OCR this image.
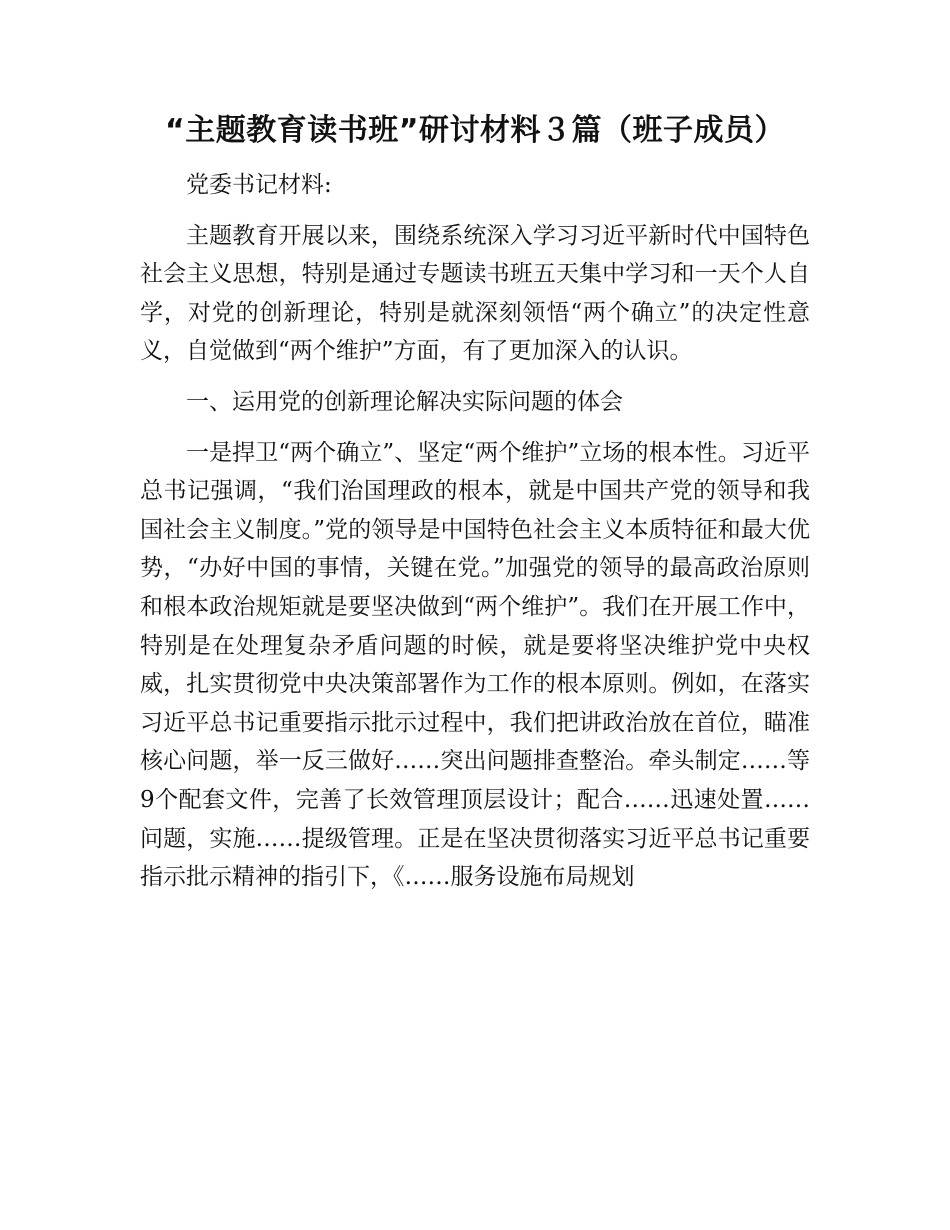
“主题教育读书班”研讨材料３篇（班子成员）

党委书记材料:

主题教育开展以来，围绕系统深入学习习近平新时代中国特色社会主义思想，特别是通过专题读书班五天集中学习和一天个人自学，对党的创新理论，特别是就深刻领悟“两个确立”的决定性意义，自觉做到“两个维护”方面，有了更加深入的认识。

一、运用党的创新理论解决实际问题的体会

一是捍卫“两个确立”、坚定“两个维护”立场的根本性。习近平总书记强调，“我们治国理政的根本，就是中国共产党的领导和我国社会主义制度。”党的领导是中国特色社会主义本质特征和最大优势，“办好中国的事情，关键在党。”加强党的领导的最高政治原则和根本政治规矩就是要坚决做到“两个维护”。我们在开展工作中，特别是在处理复杂矛盾问题的时候，就是要将坚决维护党中央权威，扎实贯彻党中央决策部署作为工作的根本原则。例如，在落实习近平总书记重要指示批示过程中，我们把讲政治放在首位，瞄准核心问题，举一反三做好……突出问题排查整治。牵头制定……等9个配套文件，完善了长效管理顶层设计；配合……迅速处置……问题，实施……提级管理。正是在坚决贯彻落实习近平总书记重要指示批示精神的指引下，《……服务设施布局规划
